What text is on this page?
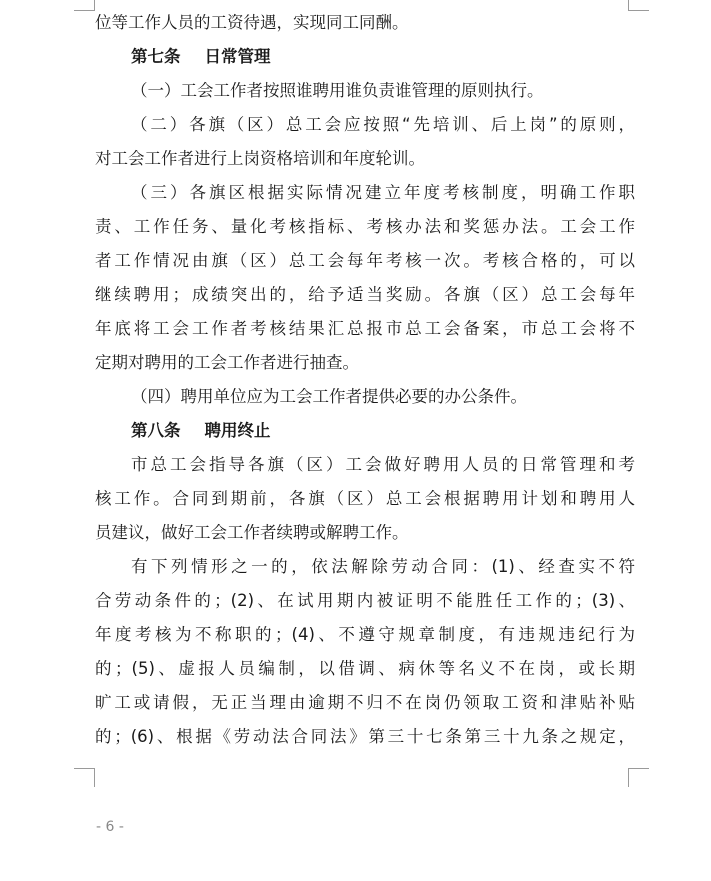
位等工作人员的工资待遇，实现同工同酬。
第七条 日常管理
（一）工会工作者按照谁聘用谁负责谁管理的原则执行。
（二）各旗（区）总工会应按照“先培训、后上岗”的原则，
对工会工作者进行上岗资格培训和年度轮训。
（三）各旗区根据实际情况建立年度考核制度，明确工作职
责、工作任务、量化考核指标、考核办法和奖惩办法。工会工作
者工作情况由旗（区）总工会每年考核一次。考核合格的，可以
继续聘用；成绩突出的，给予适当奖励。各旗（区）总工会每年
年底将工会工作者考核结果汇总报市总工会备案，市总工会将不
定期对聘用的工会工作者进行抽查。
（四）聘用单位应为工会工作者提供必要的办公条件。
第八条 聘用终止
市总工会指导各旗（区）工会做好聘用人员的日常管理和考
核工作。合同到期前，各旗（区）总工会根据聘用计划和聘用人
员建议，做好工会工作者续聘或解聘工作。
有下列情形之一的，依法解除劳动合同：(1)、经查实不符
合劳动条件的；(2)、在试用期内被证明不能胜任工作的；(3)、
年度考核为不称职的；(4)、不遵守规章制度，有违规违纪行为
的；(5)、虚报人员编制，以借调、病休等名义不在岗，或长期
旷工或请假，无正当理由逾期不归不在岗仍领取工资和津贴补贴
的；(6)、根据《劳动法合同法》第三十七条第三十九条之规定，
- 6 -
